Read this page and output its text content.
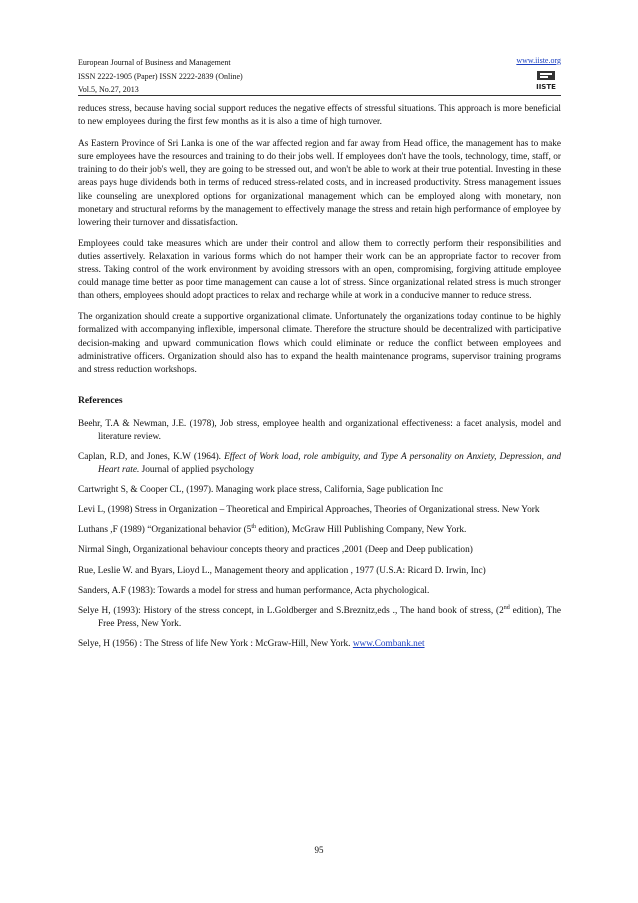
European Journal of Business and Management
ISSN 2222-1905 (Paper) ISSN 2222-2839 (Online)
Vol.5, No.27, 2013
www.iiste.org
IISTE

reduces stress, because having social support reduces the negative effects of stressful situations. This approach is more beneficial to new employees during the first few months as it is also a time of high turnover.

As Eastern Province of Sri Lanka is one of the war affected region and far away from Head office, the management has to make sure employees have the resources and training to do their jobs well. If employees don't have the tools, technology, time, staff, or training to do their job's well, they are going to be stressed out, and won't be able to work at their true potential. Investing in these areas pays huge dividends both in terms of reduced stress-related costs, and in increased productivity. Stress management issues like counseling are unexplored options for organizational management which can be employed along with monetary, non monetary and structural reforms by the management to effectively manage the stress and retain high performance of employee by lowering their turnover and dissatisfaction.

Employees could take measures which are under their control and allow them to correctly perform their responsibilities and duties assertively. Relaxation in various forms which do not hamper their work can be an appropriate factor to recover from stress. Taking control of the work environment by avoiding stressors with an open, compromising, forgiving attitude employee could manage time better as poor time management can cause a lot of stress. Since organizational related stress is much stronger than others, employees should adopt practices to relax and recharge while at work in a conducive manner to reduce stress.

The organization should create a supportive organizational climate. Unfortunately the organizations today continue to be highly formalized with accompanying inflexible, impersonal climate. Therefore the structure should be decentralized with participative decision-making and upward communication flows which could eliminate or reduce the conflict between employees and administrative officers. Organization should also has to expand the health maintenance programs, supervisor training programs and stress reduction workshops.

References
Beehr, T.A & Newman, J.E. (1978), Job stress, employee health and organizational effectiveness: a facet analysis, model and literature review.
Caplan, R.D, and Jones, K.W (1964). Effect of Work load, role ambiguity, and Type A personality on Anxiety, Depression, and Heart rate. Journal of applied psychology
Cartwright S, & Cooper CL, (1997). Managing work place stress, California, Sage publication Inc
Levi L, (1998) Stress in Organization – Theoretical and Empirical Approaches, Theories of Organizational stress. New York
Luthans ,F (1989) “Organizational behavior (5th edition), McGraw Hill Publishing Company, New York.
Nirmal Singh, Organizational behaviour concepts theory and practices ,2001 (Deep and Deep publication)
Rue, Leslie W. and Byars, Lioyd L., Management theory and application , 1977 (U.S.A: Ricard D. Irwin, Inc)
Sanders, A.F (1983): Towards a model for stress and human performance, Acta phychological.
Selye H, (1993): History of the stress concept, in L.Goldberger and S.Breznitz,eds ., The hand book of stress, (2nd edition), The Free Press, New York.
Selye, H (1956) : The Stress of life New York : McGraw-Hill, New York. www.Combank.net
95
